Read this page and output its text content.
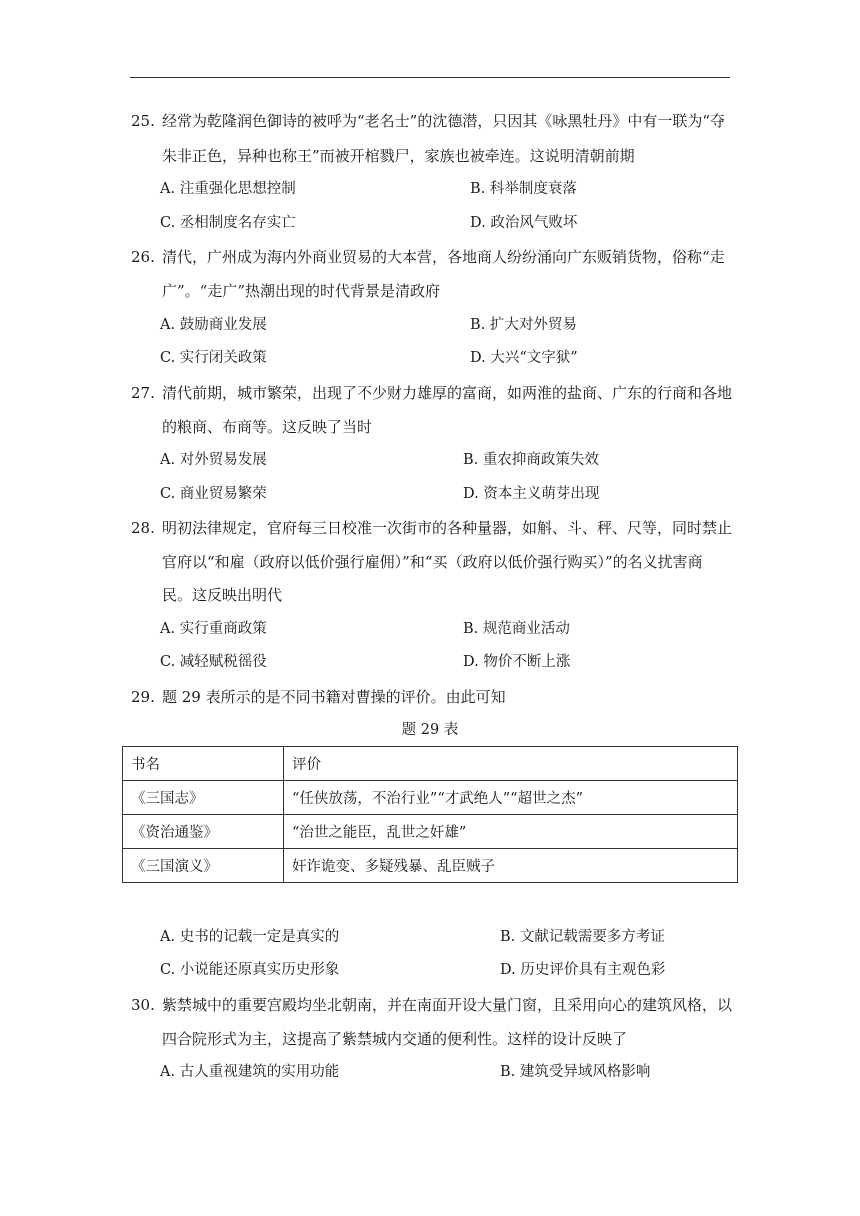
25. 经常为乾隆润色御诗的被呼为“老名士”的沈德潜，只因其《咏黑牡丹》中有一联为“夺
朱非正色，异种也称王”而被开棺戮尸，家族也被牵连。这说明清朝前期
A. 注重强化思想控制	B. 科举制度衰落
C. 丞相制度名存实亡	D. 政治风气败坏
26. 清代，广州成为海内外商业贸易的大本营，各地商人纷纷涌向广东贩销货物，俗称“走
广”。“走广”热潮出现的时代背景是清政府
A. 鼓励商业发展	B. 扩大对外贸易
C. 实行闭关政策	D. 大兴“文字狱”
27. 清代前期，城市繁荣，出现了不少财力雄厚的富商，如两淮的盐商、广东的行商和各地
的粮商、布商等。这反映了当时
A. 对外贸易发展	B. 重农抑商政策失效
C. 商业贸易繁荣	D. 资本主义萌芽出现
28. 明初法律规定，官府每三日校准一次街市的各种量器，如斛、斗、秤、尺等，同时禁止
官府以“和雇（政府以低价强行雇佣）”和“买（政府以低价强行购买）”的名义扰害商
民。这反映出明代
A. 实行重商政策	B. 规范商业活动
C. 减轻赋税徭役	D. 物价不断上涨
29. 题 29 表所示的是不同书籍对曹操的评价。由此可知
题 29 表
书名	评价
《三国志》	“任侠放荡，不治行业”“才武绝人”“超世之杰”
《资治通鉴》	“治世之能臣，乱世之奸雄”
《三国演义》	奸诈诡变、多疑残暴、乱臣贼子
A. 史书的记载一定是真实的	B. 文献记载需要多方考证
C. 小说能还原真实历史形象	D. 历史评价具有主观色彩
30. 紫禁城中的重要宫殿均坐北朝南，并在南面开设大量门窗，且采用向心的建筑风格，以
四合院形式为主，这提高了紫禁城内交通的便利性。这样的设计反映了
A. 古人重视建筑的实用功能	B. 建筑受异域风格影响
